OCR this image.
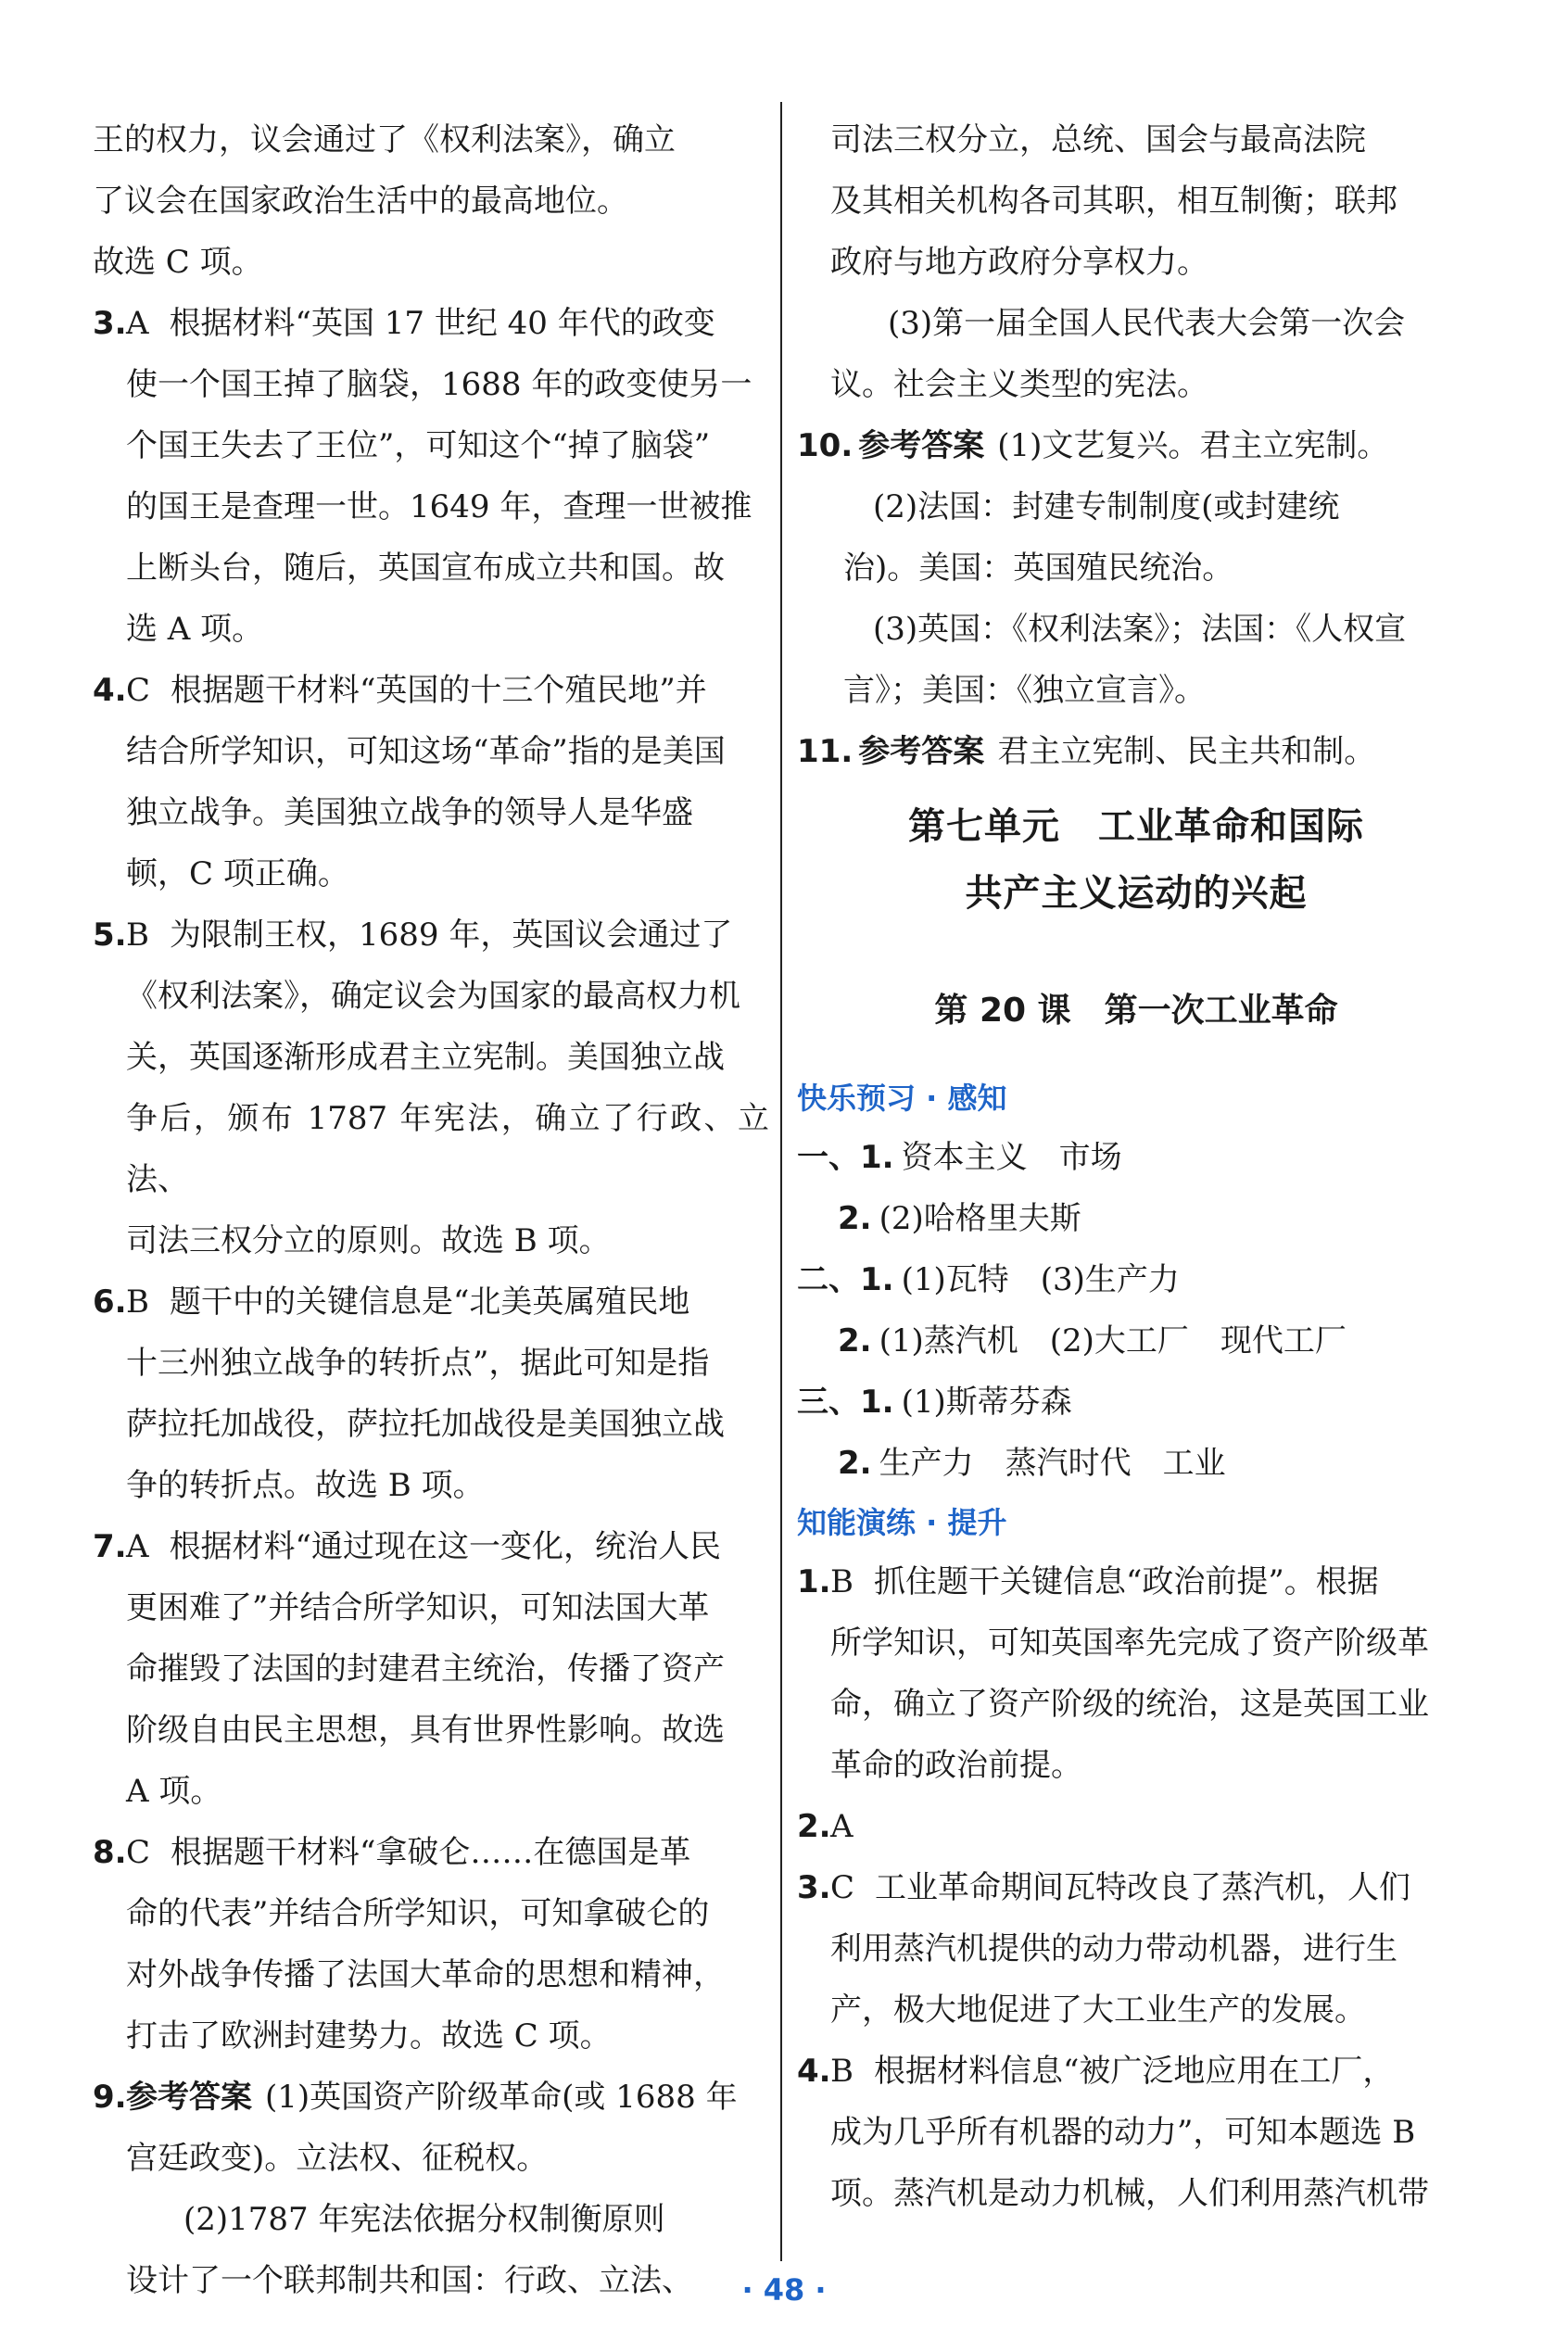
王的权力，议会通过了《权利法案》，确立

了议会在国家政治生活中的最高地位。

故选 C 项。

3. A 根据材料“英国 17 世纪 40 年代的政变

使一个国王掉了脑袋，1688 年的政变使另一

个国王失去了王位”，可知这个“掉了脑袋”

的国王是查理一世。1649 年，查理一世被推

上断头台，随后，英国宣布成立共和国。故

选 A 项。

4. C 根据题干材料“英国的十三个殖民地”并

结合所学知识，可知这场“革命”指的是美国

独立战争。美国独立战争的领导人是华盛

顿，C 项正确。

5. B 为限制王权，1689 年，英国议会通过了

《权利法案》，确定议会为国家的最高权力机

关，英国逐渐形成君主立宪制。美国独立战

争后，颁布 1787 年宪法，确立了行政、立法、

司法三权分立的原则。故选 B 项。

6. B 题干中的关键信息是“北美英属殖民地

十三州独立战争的转折点”，据此可知是指

萨拉托加战役，萨拉托加战役是美国独立战

争的转折点。故选 B 项。

7. A 根据材料“通过现在这一变化，统治人民

更困难了”并结合所学知识，可知法国大革

命摧毁了法国的封建君主统治，传播了资产

阶级自由民主思想，具有世界性影响。故选

A 项。

8. C 根据题干材料“拿破仑……在德国是革

命的代表”并结合所学知识，可知拿破仑的

对外战争传播了法国大革命的思想和精神，

打击了欧洲封建势力。故选 C 项。

9. 参考答案 (1)英国资产阶级革命(或 1688 年

宫廷政变)。立法权、征税权。

(2)1787 年宪法依据分权制衡原则

设计了一个联邦制共和国：行政、立法、

司法三权分立，总统、国会与最高法院

及其相关机构各司其职，相互制衡；联邦

政府与地方政府分享权力。

(3)第一届全国人民代表大会第一次会

议。社会主义类型的宪法。

10. 参考答案 (1)文艺复兴。君主立宪制。

(2)法国：封建专制制度(或封建统

治)。美国：英国殖民统治。

(3)英国：《权利法案》；法国：《人权宣

言》；美国：《独立宣言》。

11. 参考答案 君主立宪制、民主共和制。

第七单元　工业革命和国际

共产主义运动的兴起

第 20 课　第一次工业革命

快乐预习 · 感知

一、1. 资本主义　市场

2. (2)哈格里夫斯

二、1. (1)瓦特　(3)生产力

2. (1)蒸汽机　(2)大工厂　现代工厂

三、1. (1)斯蒂芬森

2. 生产力　蒸汽时代　工业

知能演练 · 提升

1. B 抓住题干关键信息“政治前提”。根据

所学知识，可知英国率先完成了资产阶级革

命，确立了资产阶级的统治，这是英国工业

革命的政治前提。

2. A

3. C 工业革命期间瓦特改良了蒸汽机，人们

利用蒸汽机提供的动力带动机器，进行生

产，极大地促进了大工业生产的发展。

4. B 根据材料信息“被广泛地应用在工厂，

成为几乎所有机器的动力”，可知本题选 B

项。蒸汽机是动力机械，人们利用蒸汽机带

· 48 ·
